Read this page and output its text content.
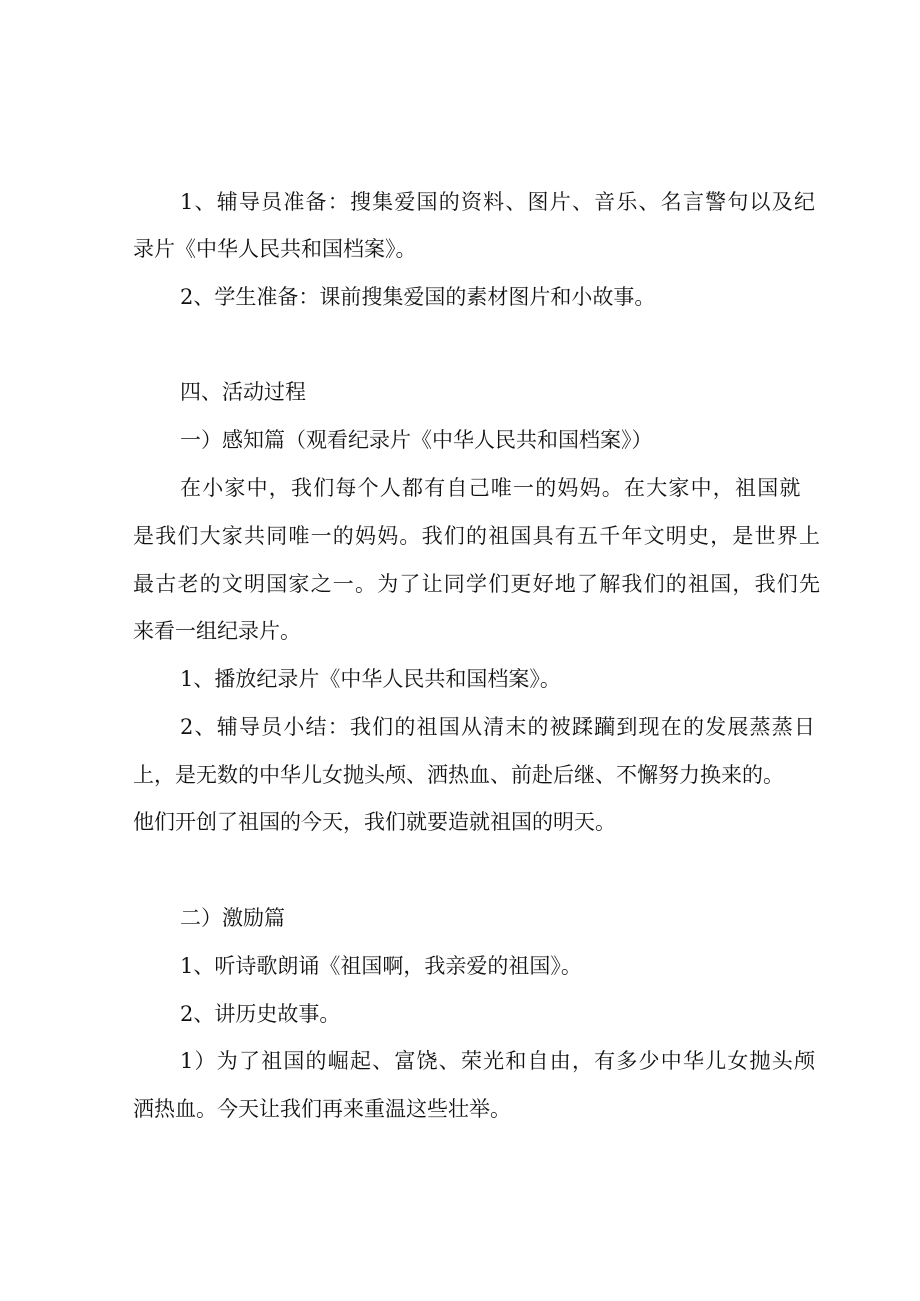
1、辅导员准备：搜集爱国的资料、图片、音乐、名言警句以及纪
录片《中华人民共和国档案》。
2、学生准备：课前搜集爱国的素材图片和小故事。
四、活动过程
一）感知篇（观看纪录片《中华人民共和国档案》）
在小家中，我们每个人都有自己唯一的妈妈。在大家中，祖国就
是我们大家共同唯一的妈妈。我们的祖国具有五千年文明史，是世界上
最古老的文明国家之一。为了让同学们更好地了解我们的祖国，我们先
来看一组纪录片。
1、播放纪录片《中华人民共和国档案》。
2、辅导员小结：我们的祖国从清末的被蹂躏到现在的发展蒸蒸日
上，是无数的中华儿女抛头颅、洒热血、前赴后继、不懈努力换来的。
他们开创了祖国的今天，我们就要造就祖国的明天。
二）激励篇
1、听诗歌朗诵《祖国啊，我亲爱的祖国》。
2、讲历史故事。
1）为了祖国的崛起、富饶、荣光和自由，有多少中华儿女抛头颅
洒热血。今天让我们再来重温这些壮举。
